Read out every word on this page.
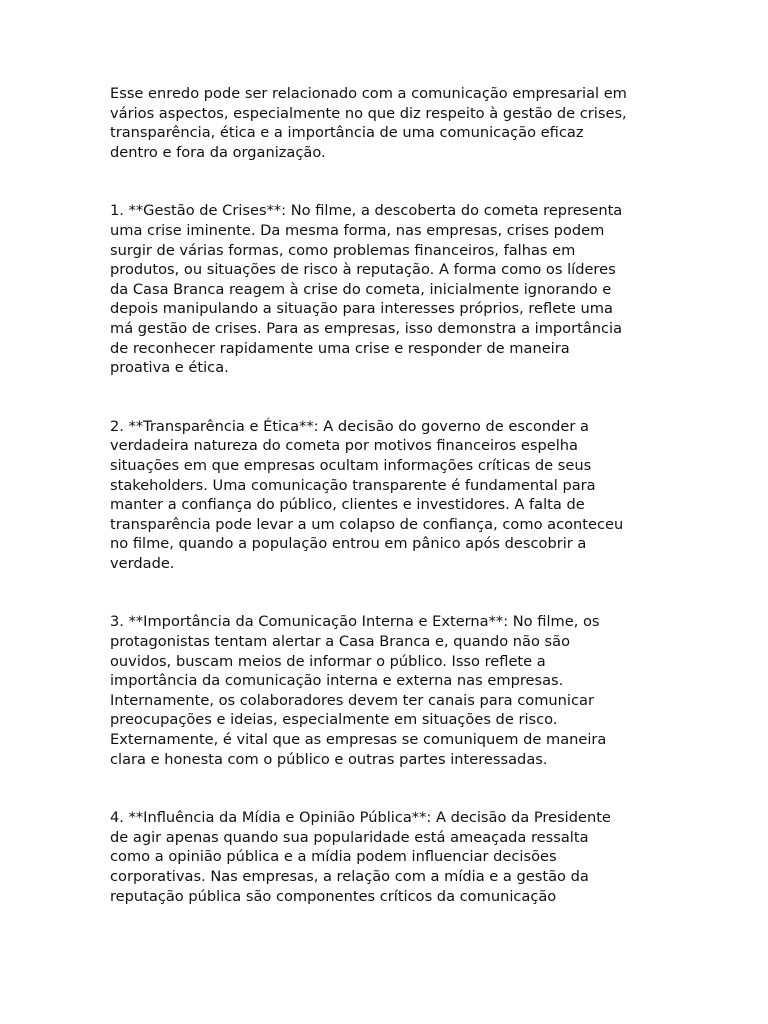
Esse enredo pode ser relacionado com a comunicação empresarial em
vários aspectos, especialmente no que diz respeito à gestão de crises,
transparência, ética e a importância de uma comunicação eficaz
dentro e fora da organização.

1. **Gestão de Crises**: No filme, a descoberta do cometa representa
uma crise iminente. Da mesma forma, nas empresas, crises podem
surgir de várias formas, como problemas financeiros, falhas em
produtos, ou situações de risco à reputação. A forma como os líderes
da Casa Branca reagem à crise do cometa, inicialmente ignorando e
depois manipulando a situação para interesses próprios, reflete uma
má gestão de crises. Para as empresas, isso demonstra a importância
de reconhecer rapidamente uma crise e responder de maneira
proativa e ética.

2. **Transparência e Ética**: A decisão do governo de esconder a
verdadeira natureza do cometa por motivos financeiros espelha
situações em que empresas ocultam informações críticas de seus
stakeholders. Uma comunicação transparente é fundamental para
manter a confiança do público, clientes e investidores. A falta de
transparência pode levar a um colapso de confiança, como aconteceu
no filme, quando a população entrou em pânico após descobrir a
verdade.

3. **Importância da Comunicação Interna e Externa**: No filme, os
protagonistas tentam alertar a Casa Branca e, quando não são
ouvidos, buscam meios de informar o público. Isso reflete a
importância da comunicação interna e externa nas empresas.
Internamente, os colaboradores devem ter canais para comunicar
preocupações e ideias, especialmente em situações de risco.
Externamente, é vital que as empresas se comuniquem de maneira
clara e honesta com o público e outras partes interessadas.

4. **Influência da Mídia e Opinião Pública**: A decisão da Presidente
de agir apenas quando sua popularidade está ameaçada ressalta
como a opinião pública e a mídia podem influenciar decisões
corporativas. Nas empresas, a relação com a mídia e a gestão da
reputação pública são componentes críticos da comunicação
